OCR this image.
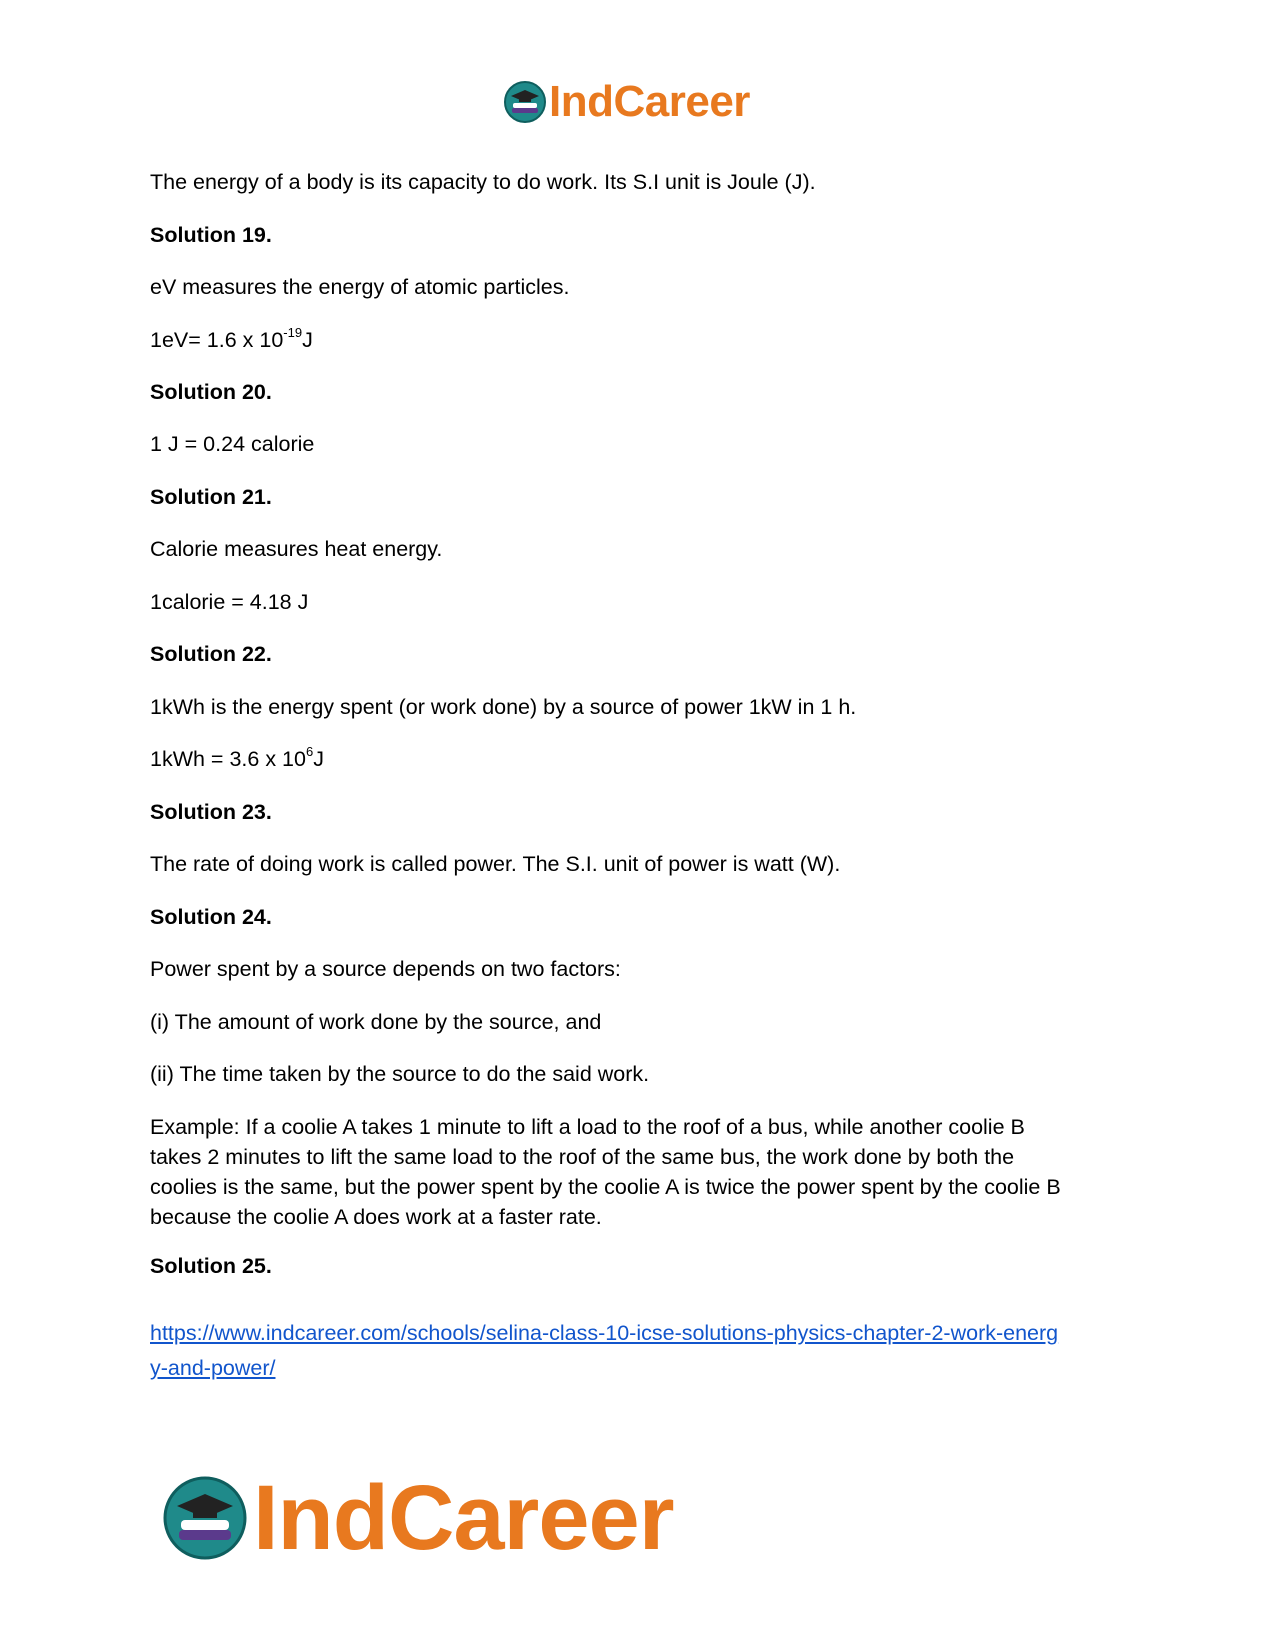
IndCareer

The energy of a body is its capacity to do work. Its S.I unit is Joule (J).

Solution 19.

eV measures the energy of atomic particles.

1eV= 1.6 x $10^{-19}J$

Solution 20.

1 J = 0.24 calorie

Solution 21.

Calorie measures heat energy.

1calorie = 4.18 J

Solution 22.

1kWh is the energy spent (or work done) by a source of power 1kW in 1 h.

1kWh = 3.6 x $10^6J$

Solution 23.

The rate of doing work is called power. The S.I. unit of power is watt (W).

Solution 24.

Power spent by a source depends on two factors:

(i) The amount of work done by the source, and

(ii) The time taken by the source to do the said work.

Example: If a coolie A takes 1 minute to lift a load to the roof of a bus, while another coolie B
takes 2 minutes to lift the same load to the roof of the same bus, the work done by both the
coolies is the same, but the power spent by the coolie A is twice the power spent by the coolie B
because the coolie A does work at a faster rate.

Solution 25.

https://www.indcareer.com/schools/selina-class-10-icse-solutions-physics-chapter-2-work-energ
y-and-power/
IndCareer
